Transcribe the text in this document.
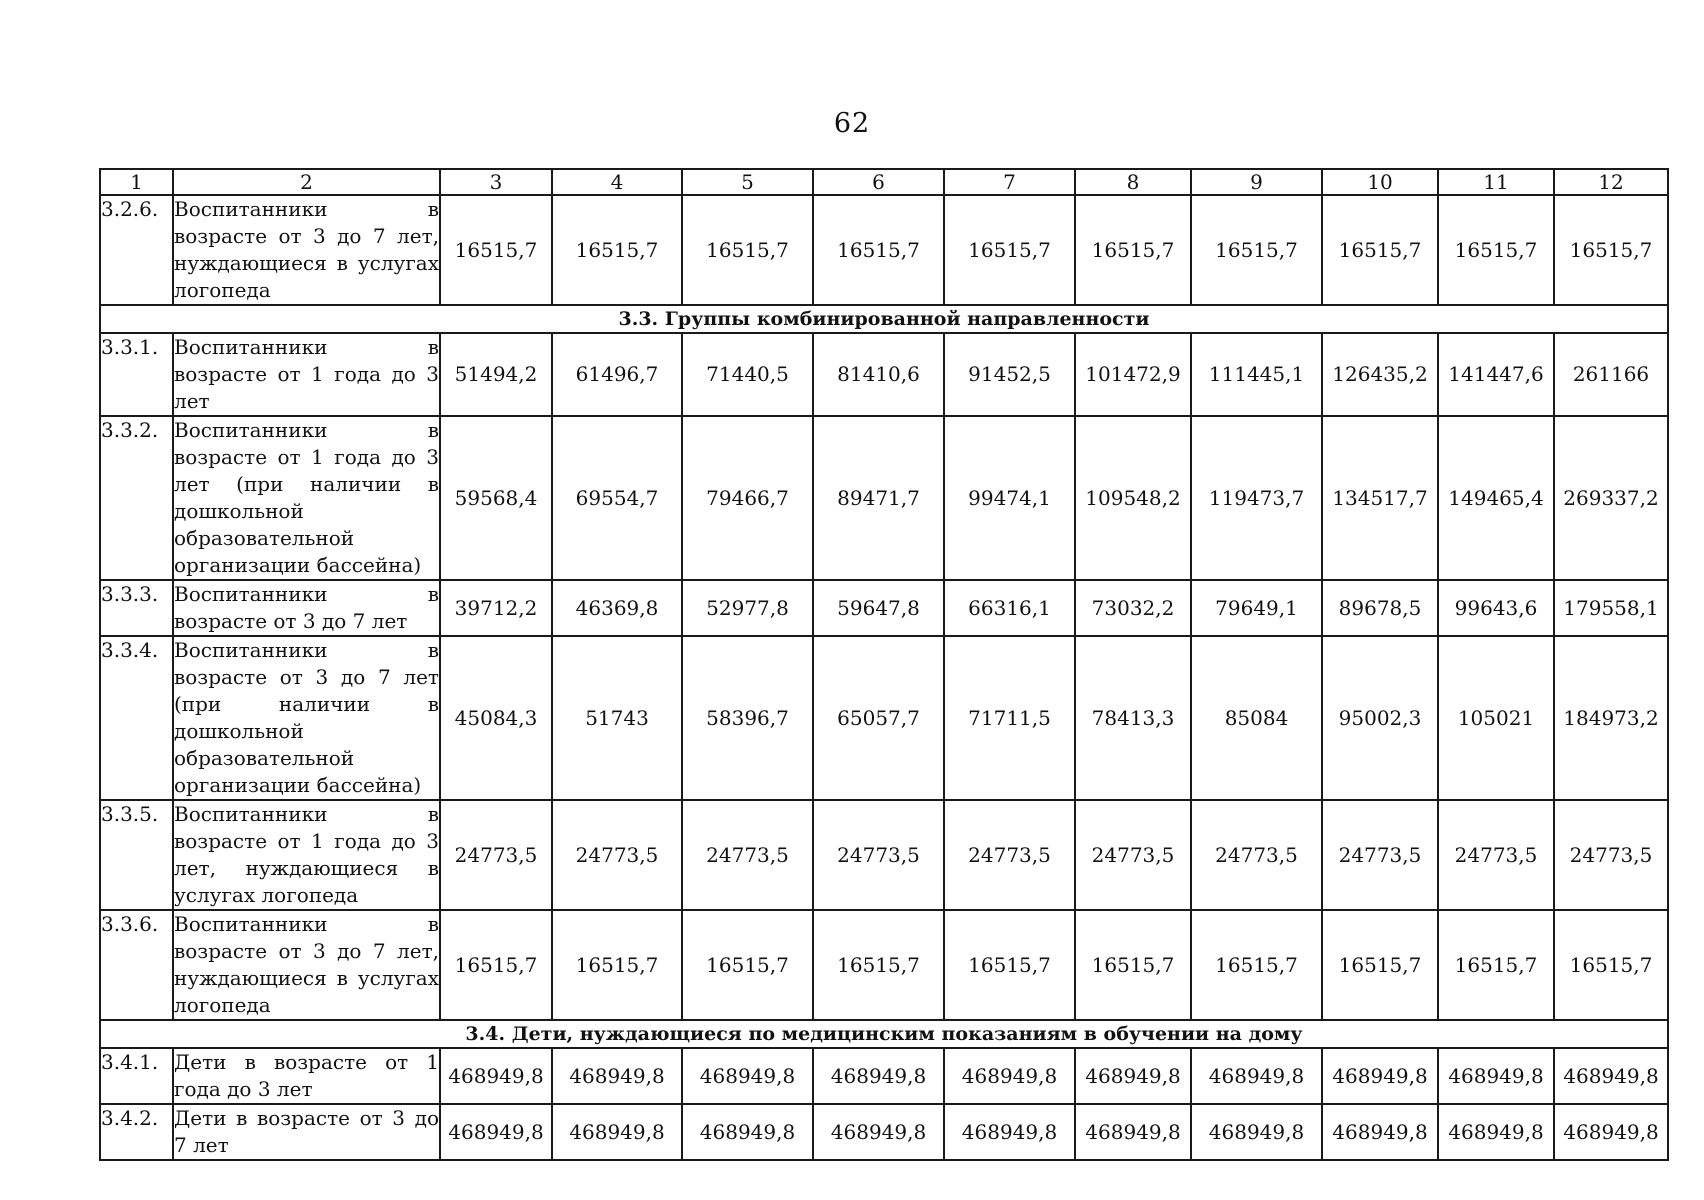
62
1	2	3	4	5	6	7	8	9	10	11	12
3.2.6.	Воспитанники в возрасте от 3 до 7 лет, нуждающиеся в услугах логопеда	16515,7	16515,7	16515,7	16515,7	16515,7	16515,7	16515,7	16515,7	16515,7	16515,7
3.3. Группы комбинированной направленности											
3.3.1.	Воспитанники в возрасте от 1 года до 3 лет	51494,2	61496,7	71440,5	81410,6	91452,5	101472,9	111445,1	126435,2	141447,6	261166
3.3.2.	Воспитанники в возрасте от 1 года до 3 лет (при наличии в дошкольной образовательной организации бассейна)	59568,4	69554,7	79466,7	89471,7	99474,1	109548,2	119473,7	134517,7	149465,4	269337,2
3.3.3.	Воспитанники в возрасте от 3 до 7 лет	39712,2	46369,8	52977,8	59647,8	66316,1	73032,2	79649,1	89678,5	99643,6	179558,1
3.3.4.	Воспитанники в возрасте от 3 до 7 лет (при наличии в дошкольной образовательной организации бассейна)	45084,3	51743	58396,7	65057,7	71711,5	78413,3	85084	95002,3	105021	184973,2
3.3.5.	Воспитанники в возрасте от 1 года до 3 лет, нуждающиеся в услугах логопеда	24773,5	24773,5	24773,5	24773,5	24773,5	24773,5	24773,5	24773,5	24773,5	24773,5
3.3.6.	Воспитанники в возрасте от 3 до 7 лет, нуждающиеся в услугах логопеда	16515,7	16515,7	16515,7	16515,7	16515,7	16515,7	16515,7	16515,7	16515,7	16515,7
3.4. Дети, нуждающиеся по медицинским показаниям в обучении на дому											
3.4.1.	Дети в возрасте от 1 года до 3 лет	468949,8	468949,8	468949,8	468949,8	468949,8	468949,8	468949,8	468949,8	468949,8	468949,8
3.4.2.	Дети в возрасте от 3 до 7 лет	468949,8	468949,8	468949,8	468949,8	468949,8	468949,8	468949,8	468949,8	468949,8	468949,8
